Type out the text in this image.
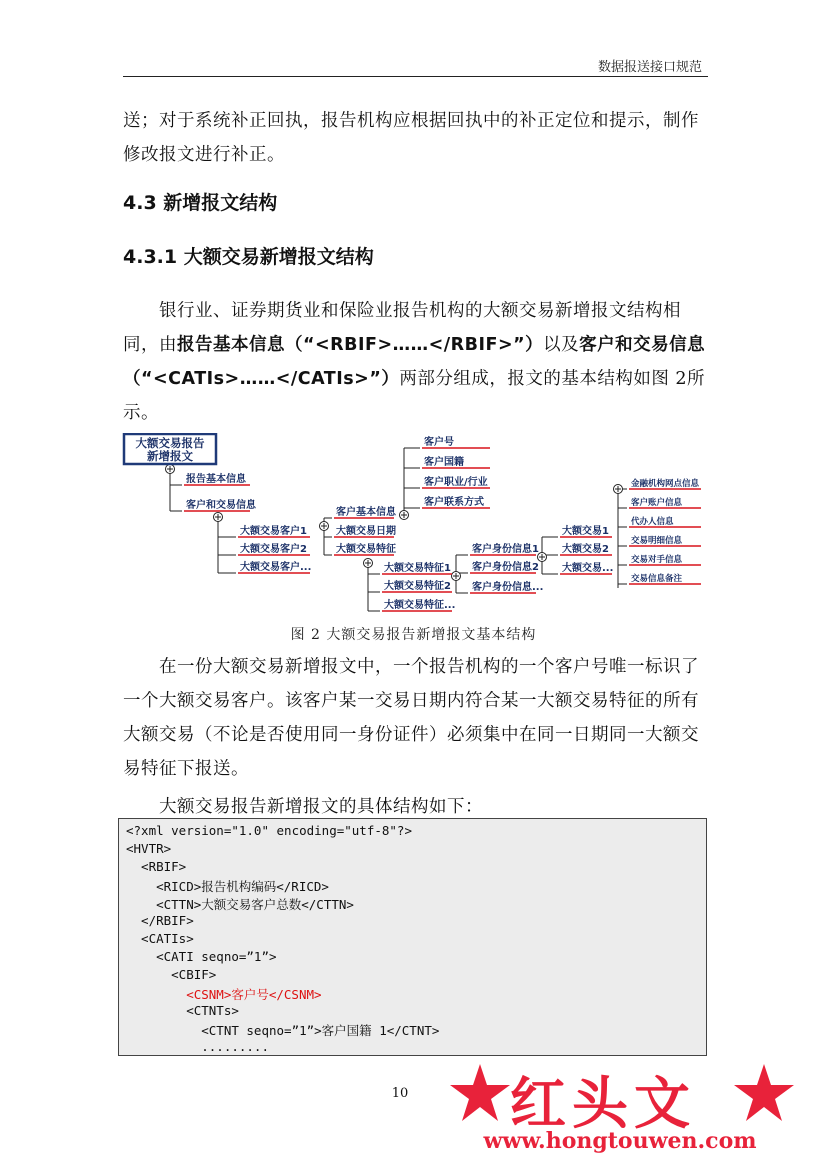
数据报送接口规范
送；对于系统补正回执，报告机构应根据回执中的补正定位和提示，制作修改报文进行补正。
4.3 新增报文结构
4.3.1 大额交易新增报文结构
银行业、证券期货业和保险业报告机构的大额交易新增报文结构相同，由报告基本信息（“<RBIF>……</RBIF>”）以及客户和交易信息（“<CATIs>……</CATIs>”）两部分组成，报文的基本结构如图 2所示。
大额交易报告
新增报文
报告基本信息
客户和交易信息
大额交易客户1
大额交易客户2
大额交易客户...
客户基本信息
大额交易日期
大额交易特征
客户号
客户国籍
客户职业/行业
客户联系方式
大额交易特征1
大额交易特征2
大额交易特征...
客户身份信息1
客户身份信息2
客户身份信息...
大额交易1
大额交易2
大额交易...
金融机构网点信息
客户账户信息
代办人信息
交易明细信息
交易对手信息
交易信息备注
图 2 大额交易报告新增报文基本结构
在一份大额交易新增报文中，一个报告机构的一个客户号唯一标识了一个大额交易客户。该客户某一交易日期内符合某一大额交易特征的所有大额交易（不论是否使用同一身份证件）必须集中在同一日期同一大额交易特征下报送。
大额交易报告新增报文的具体结构如下：
<?xml version="1.0" encoding="utf-8"?>
<HVTR>
<RBIF>
<RICD>报告机构编码</RICD>
<CTTN>大额交易客户总数</CTTN>
</RBIF>
<CATIs>
<CATI seqno=”1”>
<CBIF>
<CSNM>客户号</CSNM>
<CTNTs>
<CTNT seqno=”1”>客户国籍 1</CTNT>
.........
10	红头文
www.hongtouwen.com
